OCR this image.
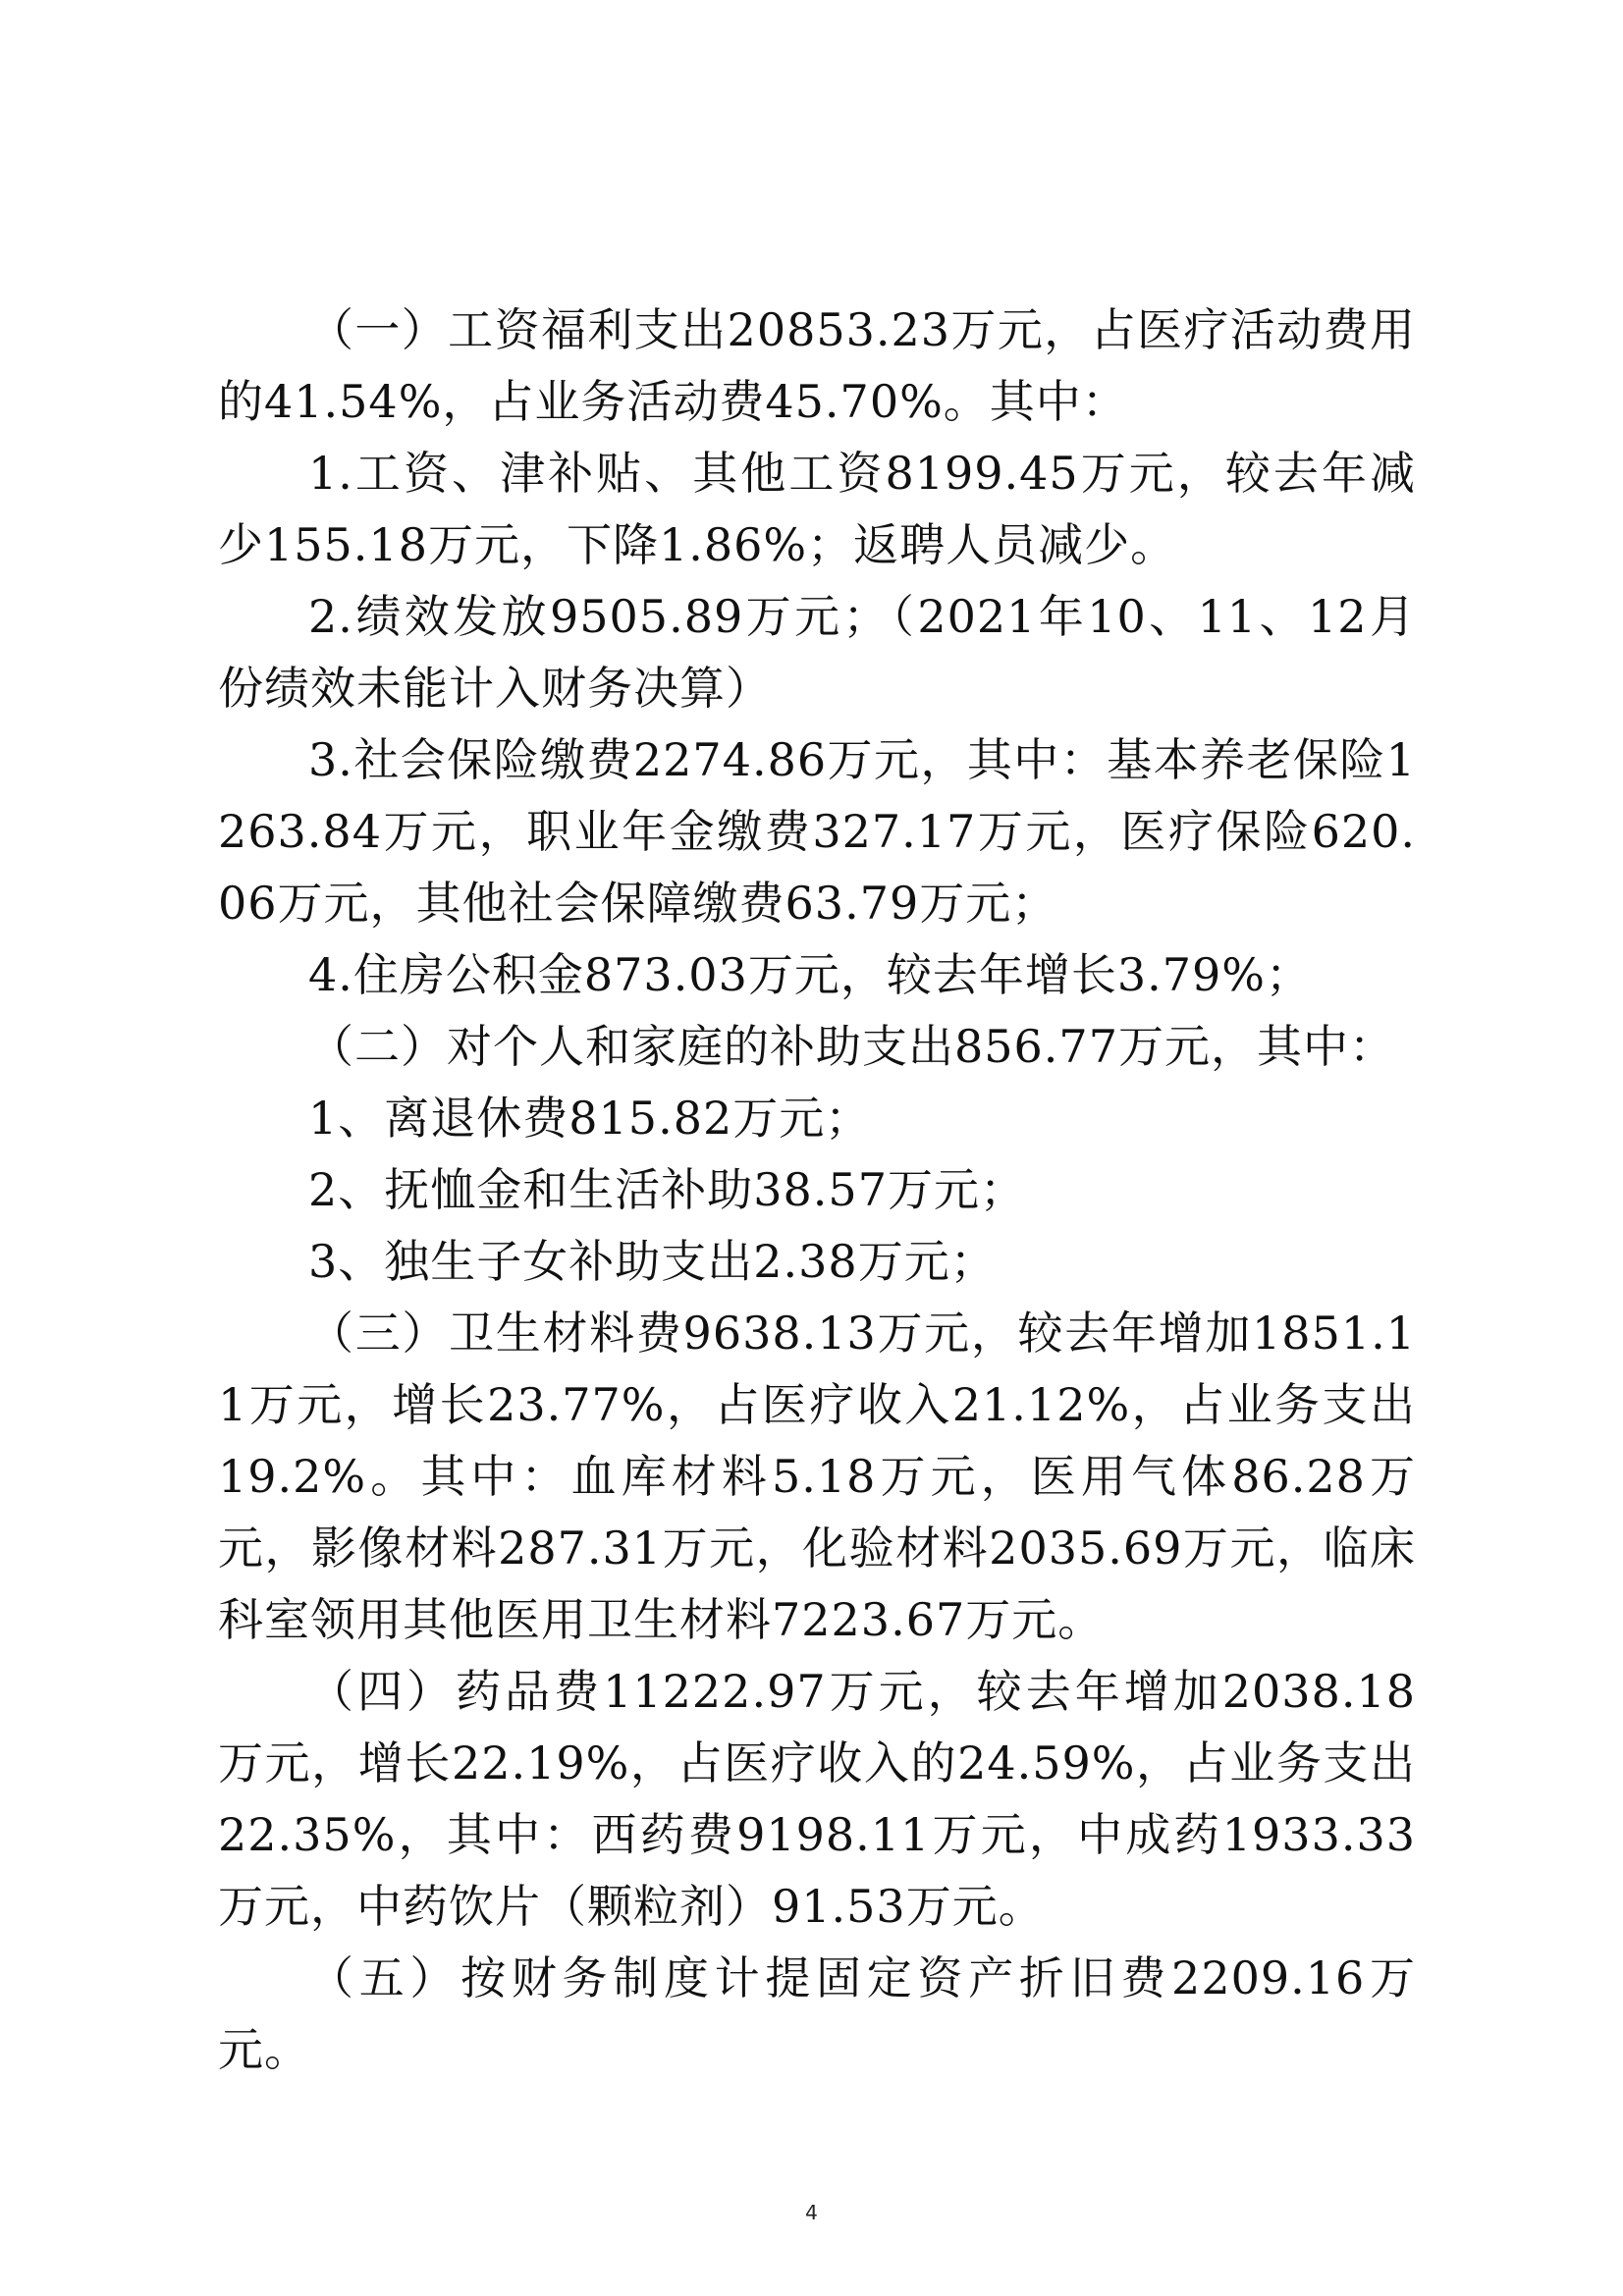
（一）工资福利支出20853.23万元，占医疗活动费用的41.54%，占业务活动费45.70%。其中：

1.工资、津补贴、其他工资8199.45万元，较去年减少155.18万元，下降1.86%；返聘人员减少。

2.绩效发放9505.89万元；（2021年10、11、12月份绩效未能计入财务决算）

3.社会保险缴费2274.86万元，其中：基本养老保险1263.84万元，职业年金缴费327.17万元，医疗保险620.06万元，其他社会保障缴费63.79万元；

4.住房公积金873.03万元，较去年增长3.79%；

（二）对个人和家庭的补助支出856.77万元，其中：

1、离退休费815.82万元；

2、抚恤金和生活补助38.57万元；

3、独生子女补助支出2.38万元；

（三）卫生材料费9638.13万元，较去年增加1851.11万元，增长23.77%，占医疗收入21.12%，占业务支出19.2%。其中：血库材料5.18万元，医用气体86.28万元，影像材料287.31万元，化验材料2035.69万元，临床科室领用其他医用卫生材料7223.67万元。

（四）药品费11222.97万元，较去年增加2038.18万元，增长22.19%，占医疗收入的24.59%，占业务支出22.35%，其中：西药费9198.11万元，中成药1933.33万元，中药饮片（颗粒剂）91.53万元。

（五）按财务制度计提固定资产折旧费2209.16万元。

4
